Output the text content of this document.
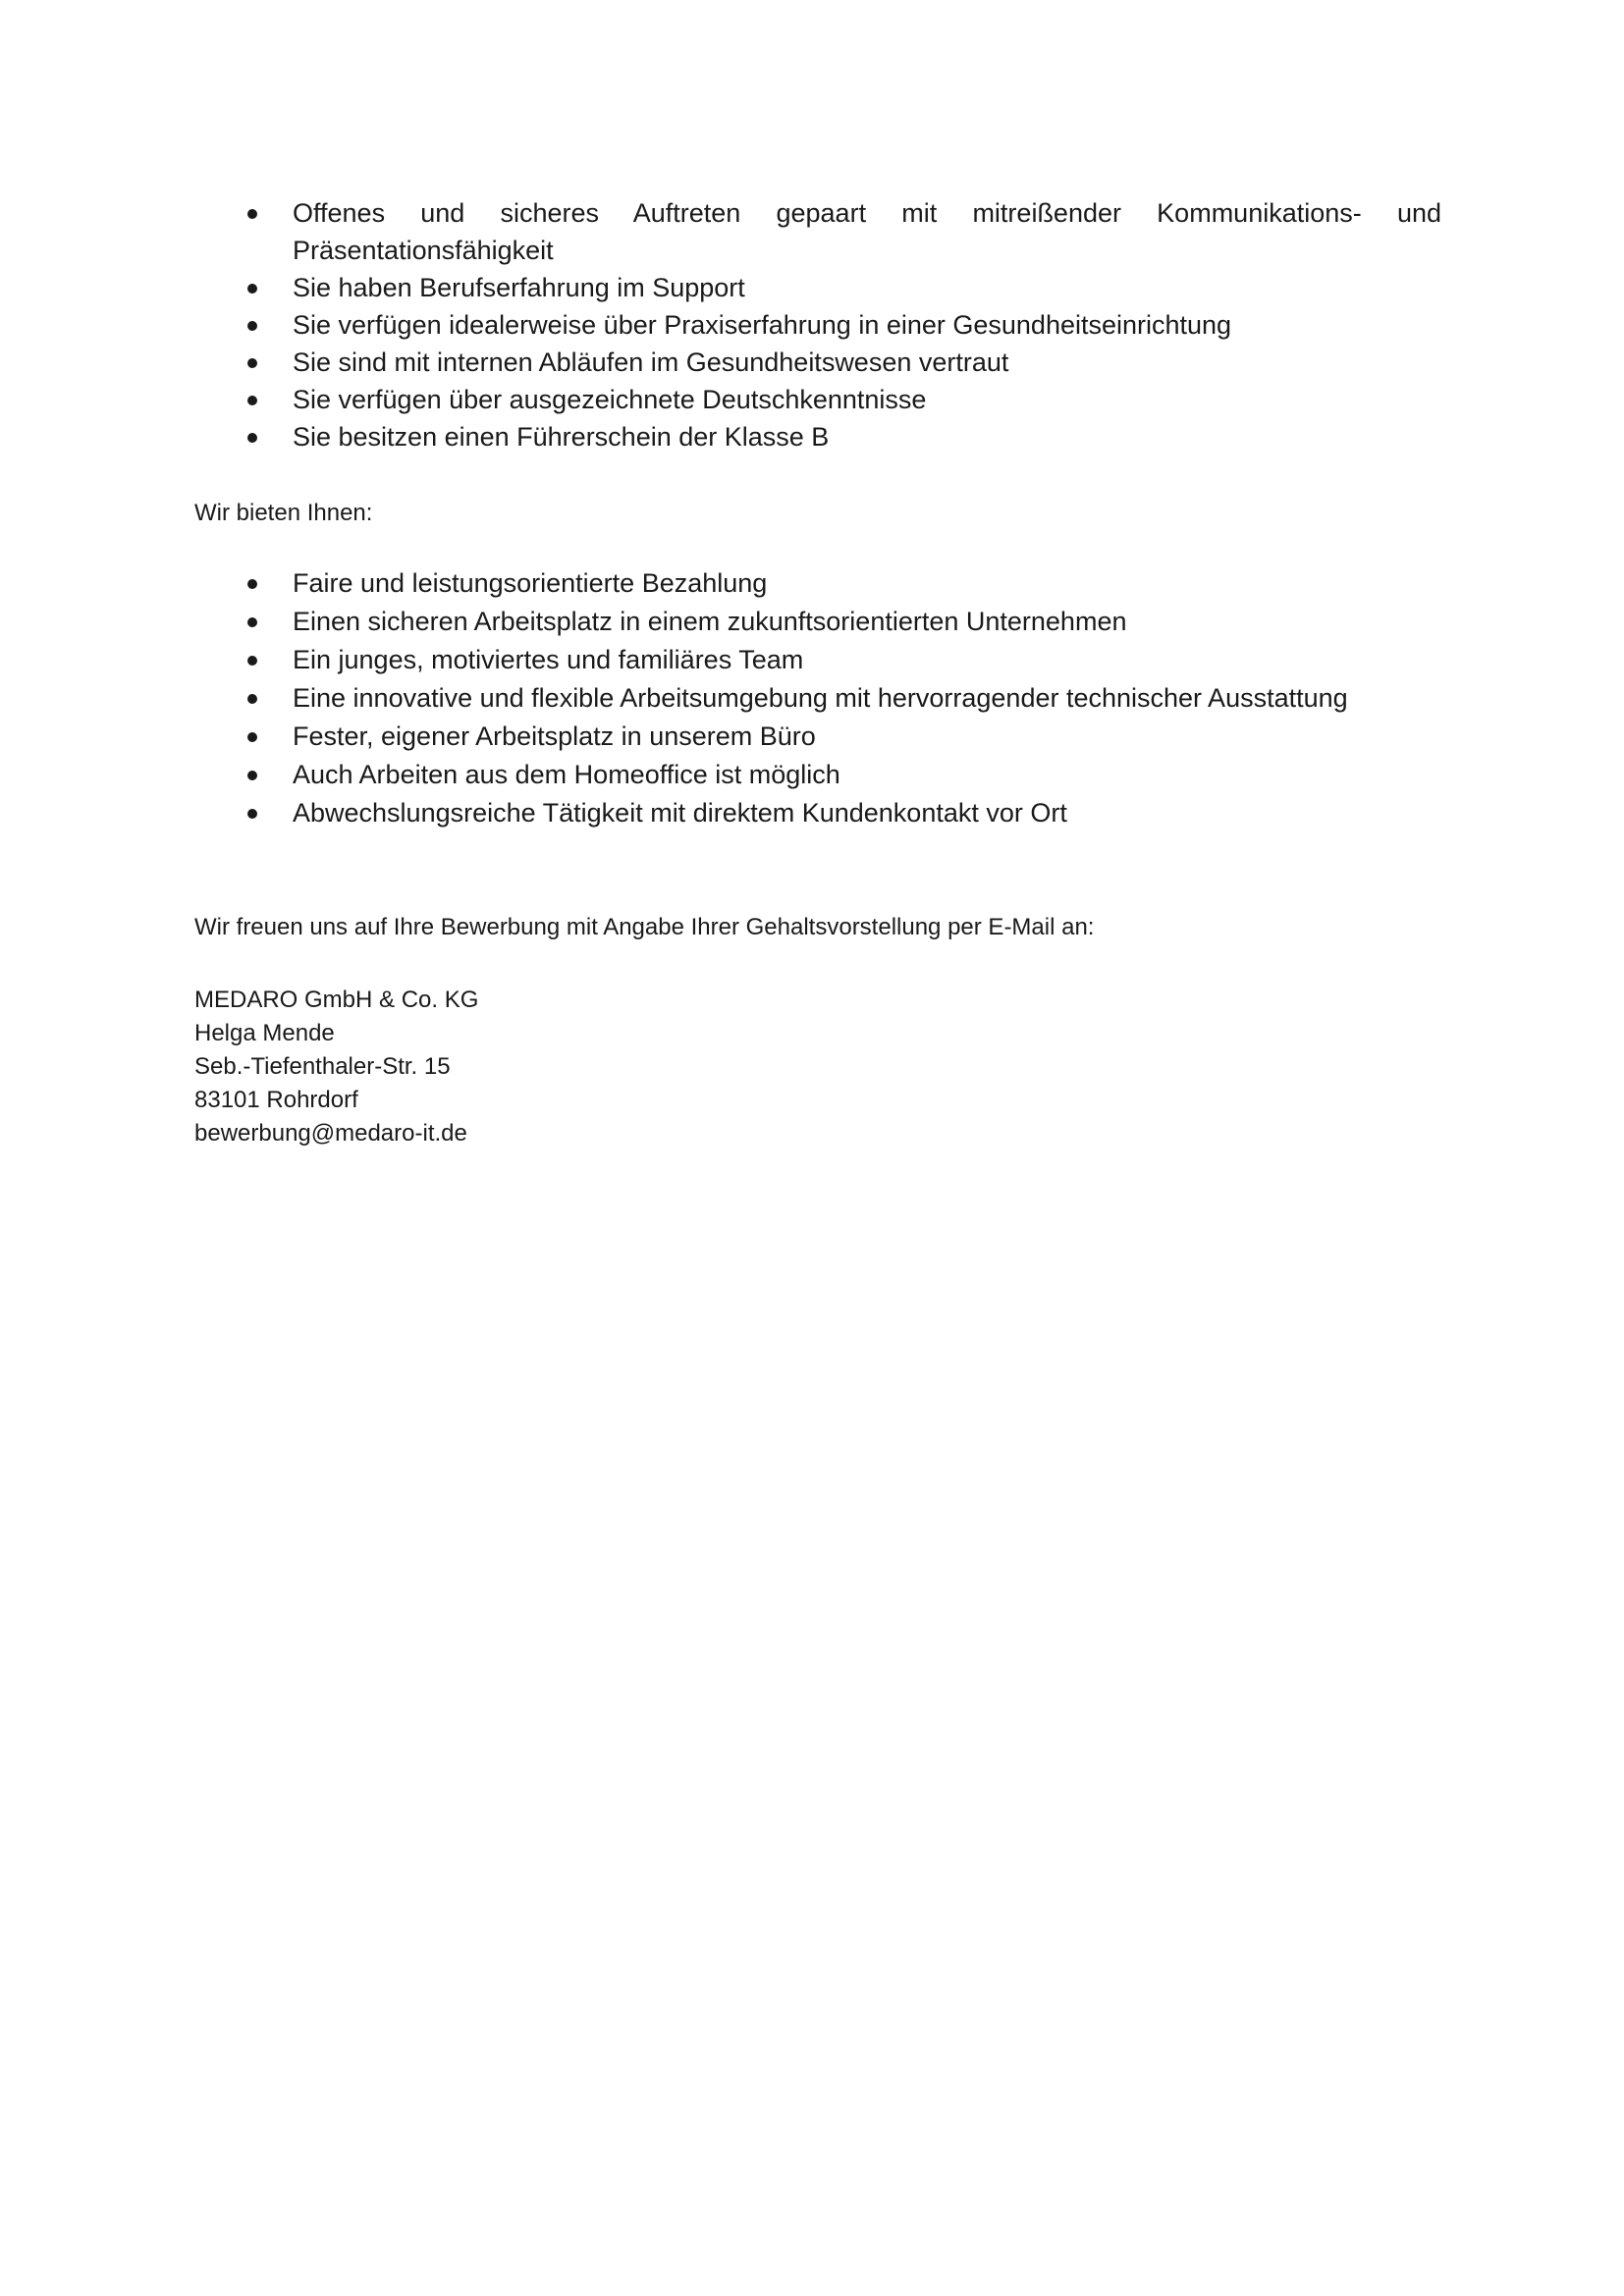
Offenes und sicheres Auftreten gepaart mit mitreißender Kommunikations- und
Präsentationsfähigkeit
Sie haben Berufserfahrung im Support
Sie verfügen idealerweise über Praxiserfahrung in einer Gesundheitseinrichtung
Sie sind mit internen Abläufen im Gesundheitswesen vertraut
Sie verfügen über ausgezeichnete Deutschkenntnisse
Sie besitzen einen Führerschein der Klasse B

Wir bieten Ihnen:

Faire und leistungsorientierte Bezahlung
Einen sicheren Arbeitsplatz in einem zukunftsorientierten Unternehmen
Ein junges, motiviertes und familiäres Team
Eine innovative und flexible Arbeitsumgebung mit hervorragender technischer Ausstattung
Fester, eigener Arbeitsplatz in unserem Büro
Auch Arbeiten aus dem Homeoffice ist möglich
Abwechslungsreiche Tätigkeit mit direktem Kundenkontakt vor Ort

Wir freuen uns auf Ihre Bewerbung mit Angabe Ihrer Gehaltsvorstellung per E-Mail an:

MEDARO GmbH & Co. KG
Helga Mende
Seb.-Tiefenthaler-Str. 15
83101 Rohrdorf
bewerbung@medaro-it.de
